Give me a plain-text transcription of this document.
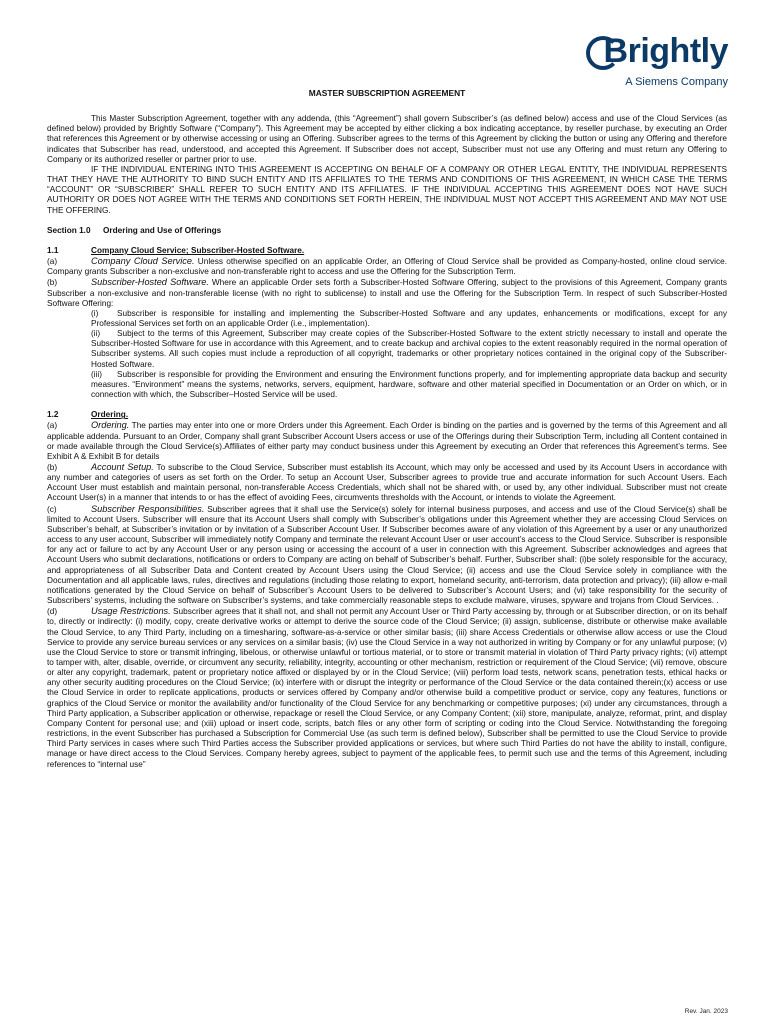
Brightly
A Siemens Company
MASTER SUBSCRIPTION AGREEMENT

This Master Subscription Agreement, together with any addenda, (this “Agreement”) shall govern Subscriber’s (as defined below) access and use of the Cloud Services (as defined below) provided by Brightly Software (“Company”). This Agreement may be accepted by either clicking a box indicating acceptance, by reseller purchase, by executing an Order that references this Agreement or by otherwise accessing or using an Offering. Subscriber agrees to the terms of this Agreement by clicking the button or using any Offering and therefore indicates that Subscriber has read, understood, and accepted this Agreement. If Subscriber does not accept, Subscriber must not use any Offering and must return any Offering to Company or its authorized reseller or partner prior to use.

IF THE INDIVIDUAL ENTERING INTO THIS AGREEMENT IS ACCEPTING ON BEHALF OF A COMPANY OR OTHER LEGAL ENTITY, THE INDIVIDUAL REPRESENTS THAT THEY HAVE THE AUTHORITY TO BIND SUCH ENTITY AND ITS AFFILIATES TO THE TERMS AND CONDITIONS OF THIS AGREEMENT, IN WHICH CASE THE TERMS “ACCOUNT” OR “SUBSCRIBER” SHALL REFER TO SUCH ENTITY AND ITS AFFILIATES. IF THE INDIVIDUAL ACCEPTING THIS AGREEMENT DOES NOT HAVE SUCH AUTHORITY OR DOES NOT AGREE WITH THE TERMS AND CONDITIONS SET FORTH HEREIN, THE INDIVIDUAL MUST NOT ACCEPT THIS AGREEMENT AND MAY NOT USE THE OFFERING.

Section 1.0 Ordering and Use of Offerings
1.1	Company Cloud Service; Subscriber-Hosted Software.

(a)	Company Cloud Service. Unless otherwise specified on an applicable Order, an Offering of Cloud Service shall be provided as Company-hosted, online cloud service. Company grants Subscriber a non-exclusive and non-transferable right to access and use the Offering for the Subscription Term.

(b)	Subscriber-Hosted Software. Where an applicable Order sets forth a Subscriber-Hosted Software Offering, subject to the provisions of this Agreement, Company grants Subscriber a non-exclusive and non-transferable license (with no right to sublicense) to install and use the Offering for the Subscription Term. In respect of such Subscriber-Hosted Software Offering:

(i) Subscriber is responsible for installing and implementing the Subscriber-Hosted Software and any updates, enhancements or modifications, except for any Professional Services set forth on an applicable Order (i.e., implementation).

(ii) Subject to the terms of this Agreement, Subscriber may create copies of the Subscriber-Hosted Software to the extent strictly necessary to install and operate the Subscriber-Hosted Software for use in accordance with this Agreement, and to create backup and archival copies to the extent reasonably required in the normal operation of Subscriber systems. All such copies must include a reproduction of all copyright, trademarks or other proprietary notices contained in the original copy of the Subscriber-Hosted Software.

(iii) Subscriber is responsible for providing the Environment and ensuring the Environment functions properly, and for implementing appropriate data backup and security measures. “Environment” means the systems, networks, servers, equipment, hardware, software and other material specified in Documentation or an Order on which, or in connection with which, the Subscriber–Hosted Service will be used.

1.2	Ordering.

(a)	Ordering. The parties may enter into one or more Orders under this Agreement. Each Order is binding on the parties and is governed by the terms of this Agreement and all applicable addenda. Pursuant to an Order, Company shall grant Subscriber Account Users access or use of the Offerings during their Subscription Term, including all Content contained in or made available through the Cloud Service(s).Affiliates of either party may conduct business under this Agreement by executing an Order that references this Agreement’s terms. See Exhibit A & Exhibit B for details

(b)	Account Setup. To subscribe to the Cloud Service, Subscriber must establish its Account, which may only be accessed and used by its Account Users in accordance with any number and categories of users as set forth on the Order. To setup an Account User, Subscriber agrees to provide true and accurate information for such Account Users. Each Account User must establish and maintain personal, non-transferable Access Credentials, which shall not be shared with, or used by, any other individual. Subscriber must not create Account User(s) in a manner that intends to or has the effect of avoiding Fees, circumvents thresholds with the Account, or intends to violate the Agreement.

(c)	Subscriber Responsibilities. Subscriber agrees that it shall use the Service(s) solely for internal business purposes, and access and use of the Cloud Service(s) shall be limited to Account Users. Subscriber will ensure that its Account Users shall comply with Subscriber’s obligations under this Agreement whether they are accessing Cloud Services on Subscriber’s behalf, at Subscriber’s invitation or by invitation of a Subscriber Account User. If Subscriber becomes aware of any violation of this Agreement by a user or any unauthorized access to any user account, Subscriber will immediately notify Company and terminate the relevant Account User or user account’s access to the Cloud Service. Subscriber is responsible for any act or failure to act by any Account User or any person using or accessing the account of a user in connection with this Agreement. Subscriber acknowledges and agrees that Account Users who submit declarations, notifications or orders to Company are acting on behalf of Subscriber’s behalf. Further, Subscriber shall: (i)be solely responsible for the accuracy, and appropriateness of all Subscriber Data and Content created by Account Users using the Cloud Service; (ii) access and use the Cloud Service solely in compliance with the Documentation and all applicable laws, rules, directives and regulations (including those relating to export, homeland security, anti-terrorism, data protection and privacy); (iii) allow e-mail notifications generated by the Cloud Service on behalf of Subscriber’s Account Users to be delivered to Subscriber’s Account Users; and (vi) take responsibility for the security of Subscribers’ systems, including the software on Subscriber’s systems, and take commercially reasonable steps to exclude malware, viruses, spyware and trojans from Cloud Services. .

(d)	Usage Restrictions. Subscriber agrees that it shall not, and shall not permit any Account User or Third Party accessing by, through or at Subscriber direction, or on its behalf to, directly or indirectly: (i) modify, copy, create derivative works or attempt to derive the source code of the Cloud Service; (ii) assign, sublicense, distribute or otherwise make available the Cloud Service, to any Third Party, including on a timesharing, software-as-a-service or other similar basis; (iii) share Access Credentials or otherwise allow access or use the Cloud Service to provide any service bureau services or any services on a similar basis; (iv) use the Cloud Service in a way not authorized in writing by Company or for any unlawful purpose; (v) use the Cloud Service to store or transmit infringing, libelous, or otherwise unlawful or tortious material, or to store or transmit material in violation of Third Party privacy rights; (vi) attempt to tamper with, alter, disable, override, or circumvent any security, reliability, integrity, accounting or other mechanism, restriction or requirement of the Cloud Service; (vii) remove, obscure or alter any copyright, trademark, patent or proprietary notice affixed or displayed by or in the Cloud Service; (viii) perform load tests, network scans, penetration tests, ethical hacks or any other security auditing procedures on the Cloud Service; (ix) interfere with or disrupt the integrity or performance of the Cloud Service or the data contained therein;(x) access or use the Cloud Service in order to replicate applications, products or services offered by Company and/or otherwise build a competitive product or service, copy any features, functions or graphics of the Cloud Service or monitor the availability and/or functionality of the Cloud Service for any benchmarking or competitive purposes; (xi) under any circumstances, through a Third Party application, a Subscriber application or otherwise, repackage or resell the Cloud Service, or any Company Content; (xii) store, manipulate, analyze, reformat, print, and display Company Content for personal use; and (xiii) upload or insert code, scripts, batch files or any other form of scripting or coding into the Cloud Service. Notwithstanding the foregoing restrictions, in the event Subscriber has purchased a Subscription for Commercial Use (as such term is defined below), Subscriber shall be permitted to use the Cloud Service to provide Third Party services in cases where such Third Parties access the Subscriber provided applications or services, but where such Third Parties do not have the ability to install, configure, manage or have direct access to the Cloud Services. Company hereby agrees, subject to payment of the applicable fees, to permit such use and the terms of this Agreement, including references to “internal use”

Rev. Jan. 2023
